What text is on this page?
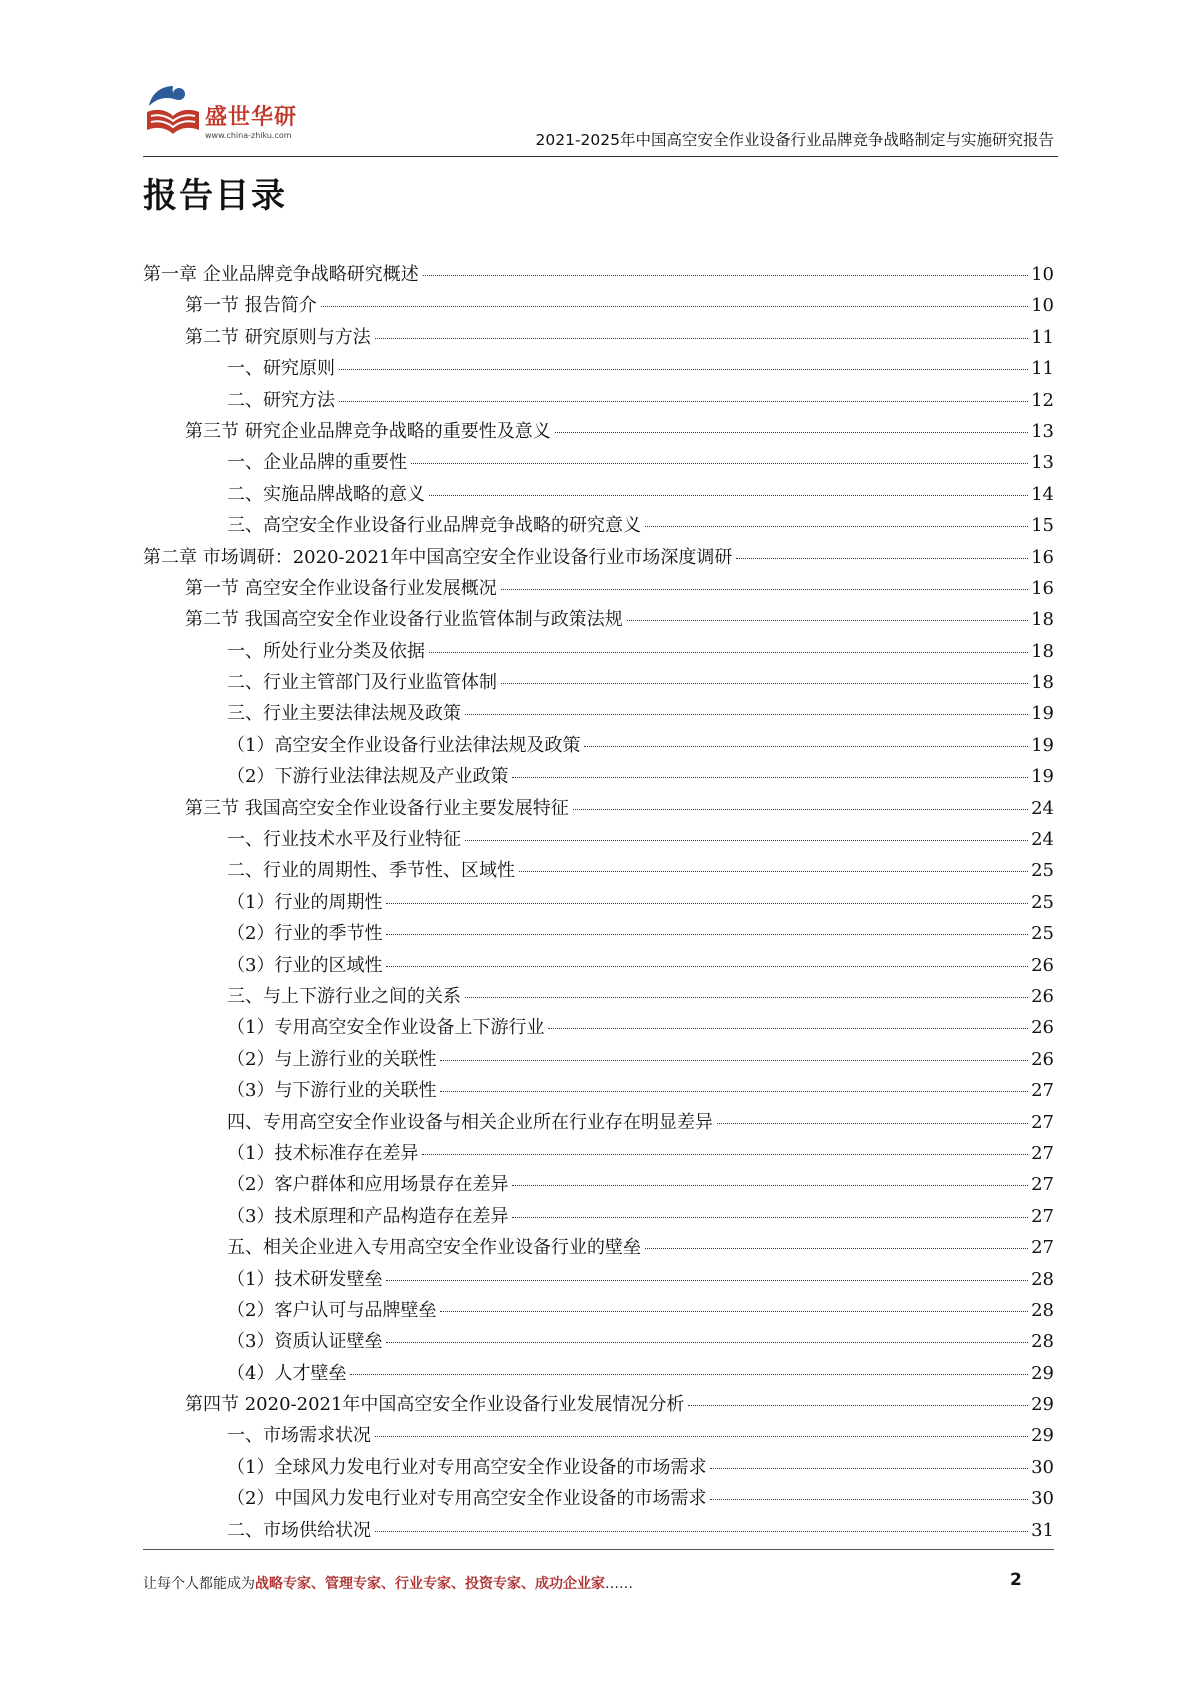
盛世华研
www.china-zhiku.com	2021-2025年中国高空安全作业设备行业品牌竞争战略制定与实施研究报告
报告目录
第一章 企业品牌竞争战略研究概述	10
第一节 报告简介	10
第二节 研究原则与方法	11
一、研究原则	11
二、研究方法	12
第三节 研究企业品牌竞争战略的重要性及意义	13
一、企业品牌的重要性	13
二、实施品牌战略的意义	14
三、高空安全作业设备行业品牌竞争战略的研究意义	15
第二章 市场调研：2020-2021年中国高空安全作业设备行业市场深度调研	16
第一节 高空安全作业设备行业发展概况	16
第二节 我国高空安全作业设备行业监管体制与政策法规	18
一、所处行业分类及依据	18
二、行业主管部门及行业监管体制	18
三、行业主要法律法规及政策	19
（1）高空安全作业设备行业法律法规及政策	19
（2）下游行业法律法规及产业政策	19
第三节 我国高空安全作业设备行业主要发展特征	24
一、行业技术水平及行业特征	24
二、行业的周期性、季节性、区域性	25
（1）行业的周期性	25
（2）行业的季节性	25
（3）行业的区域性	26
三、与上下游行业之间的关系	26
（1）专用高空安全作业设备上下游行业	26
（2）与上游行业的关联性	26
（3）与下游行业的关联性	27
四、专用高空安全作业设备与相关企业所在行业存在明显差异	27
（1）技术标准存在差异	27
（2）客户群体和应用场景存在差异	27
（3）技术原理和产品构造存在差异	27
五、相关企业进入专用高空安全作业设备行业的壁垒	27
（1）技术研发壁垒	28
（2）客户认可与品牌壁垒	28
（3）资质认证壁垒	28
（4）人才壁垒	29
第四节 2020-2021年中国高空安全作业设备行业发展情况分析	29
一、市场需求状况	29
（1）全球风力发电行业对专用高空安全作业设备的市场需求	30
（2）中国风力发电行业对专用高空安全作业设备的市场需求	30
二、市场供给状况	31
让每个人都能成为战略专家、管理专家、行业专家、投资专家、成功企业家……	2
